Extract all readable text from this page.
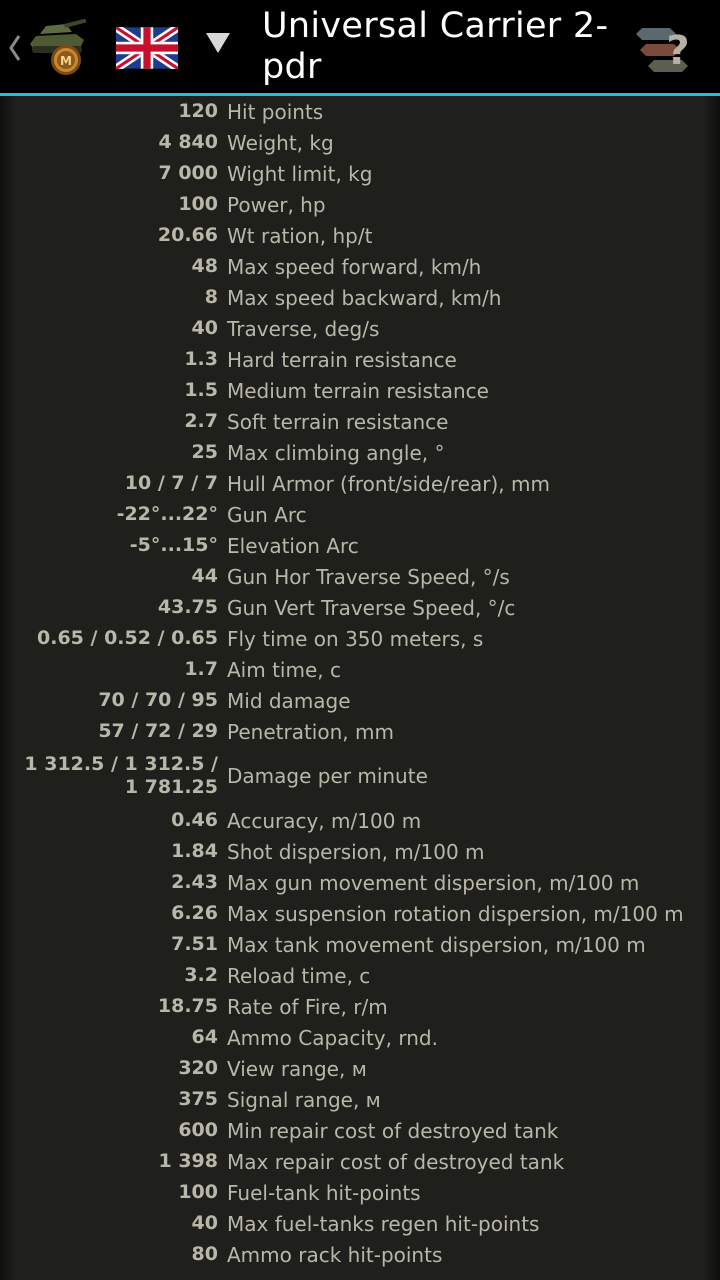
M
Universal Carrier 2-pdr	?
120 Hit points
4 840 Weight, kg
7 000 Wight limit, kg
100 Power, hp
20.66 Wt ration, hp/t
48 Max speed forward, km/h
8 Max speed backward, km/h
40 Traverse, deg/s
1.3 Hard terrain resistance
1.5 Medium terrain resistance
2.7 Soft terrain resistance
25 Max climbing angle, °
10 / 7 / 7 Hull Armor (front/side/rear), mm
-22°...22° Gun Arc
-5°...15° Elevation Arc
44 Gun Hor Traverse Speed, °/s
43.75 Gun Vert Traverse Speed, °/c
0.65 / 0.52 / 0.65 Fly time on 350 meters, s
1.7 Aim time, c
70 / 70 / 95 Mid damage
57 / 72 / 29 Penetration, mm
1 312.5 / 1 312.5 / 1 781.25 Damage per minute
0.46 Accuracy, m/100 m
1.84 Shot dispersion, m/100 m
2.43 Max gun movement dispersion, m/100 m
6.26 Max suspension rotation dispersion, m/100 m
7.51 Max tank movement dispersion, m/100 m
3.2 Reload time, c
18.75 Rate of Fire, r/m
64 Ammo Capacity, rnd.
320 View range, м
375 Signal range, м
600 Min repair cost of destroyed tank
1 398 Max repair cost of destroyed tank
100 Fuel-tank hit-points
40 Max fuel-tanks regen hit-points
80 Ammo rack hit-points
